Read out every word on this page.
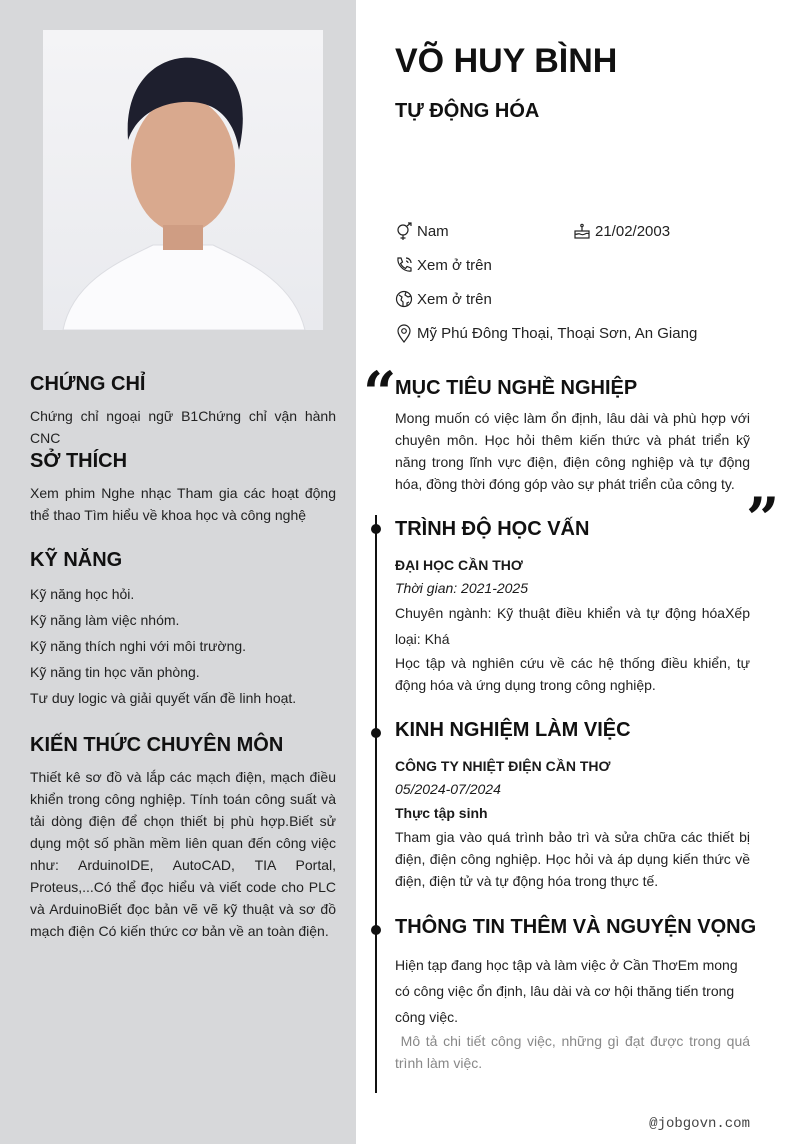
CHỨNG CHỈ
Chứng chỉ ngoại ngữ B1Chứng chỉ vận hành CNC
SỞ THÍCH
Xem phim Nghe nhạc Tham gia các hoạt động thể thao Tìm hiểu về khoa học và công nghệ
KỸ NĂNG
Kỹ năng học hỏi.
Kỹ năng làm việc nhóm.
Kỹ năng thích nghi với môi trường.
Kỹ năng tin học văn phòng.
Tư duy logic và giải quyết vấn đề linh hoạt.
KIẾN THỨC CHUYÊN MÔN
Thiết kê sơ đồ và lắp các mạch điện, mạch điều khiển trong công nghiệp. Tính toán công suất và tải dòng điện để chọn thiết bị phù hợp.Biết sử dụng một số phần mềm liên quan đến công việc như: ArduinoIDE, AutoCAD, TIA Portal, Proteus,...Có thể đọc hiểu và viết code cho PLC và ArduinoBiết đọc bản vẽ vẽ kỹ thuật và sơ đồ mạch điện Có kiến thức cơ bản về an toàn điện.
VÕ HUY BÌNH
TỰ ĐỘNG HÓA
Nam	21/02/2003
Xem ở trên
Xem ở trên
Mỹ Phú Đông Thoại, Thoại Sơn, An Giang
“
MỤC TIÊU NGHỀ NGHIỆP
Mong muốn có việc làm ổn định, lâu dài và phù hợp với chuyên môn. Học hỏi thêm kiến thức và phát triển kỹ năng trong lĩnh vực điện, điện công nghiệp và tự động hóa, đồng thời đóng góp vào sự phát triển của công ty.
”
TRÌNH ĐỘ HỌC VẤN
ĐẠI HỌC CẦN THƠ
Thời gian: 2021-2025
Chuyên ngành: Kỹ thuật điều khiển và tự động hóaXếp loại: Khá
Học tập và nghiên cứu về các hệ thống điều khiển, tự động hóa và ứng dụng trong công nghiệp.
KINH NGHIỆM LÀM VIỆC
CÔNG TY NHIỆT ĐIỆN CẦN THƠ
05/2024-07/2024
Thực tập sinh
Tham gia vào quá trình bảo trì và sửa chữa các thiết bị điện, điện công nghiệp. Học hỏi và áp dụng kiến thức về điện, điện tử và tự động hóa trong thực tế.
THÔNG TIN THÊM VÀ NGUYỆN VỌNG
Hiện tạp đang học tập và làm việc ở Cần ThơEm mong có công việc ổn định, lâu dài và cơ hội thăng tiến trong công việc.
Mô tả chi tiết công việc, những gì đạt được trong quá trình làm việc.
@jobgovn.com
